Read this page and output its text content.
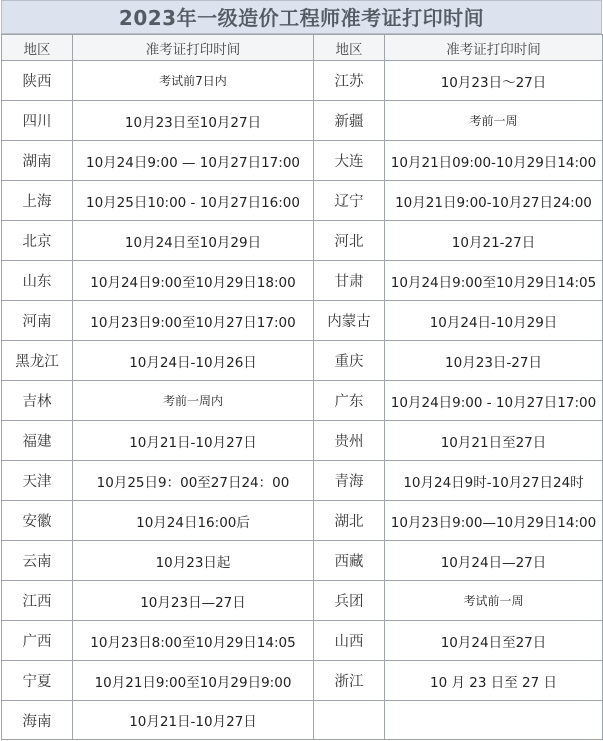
2023年一级造价工程师准考证打印时间
地区	准考证打印时间	地区	准考证打印时间
陕西	考试前7日内	江苏	10月23日～27日
四川	10月23日至10月27日	新疆	考前一周
湖南	10月24日9:00 — 10月27日17:00	大连	10月21日09:00-10月29日14:00
上海	10月25日10:00 - 10月27日16:00	辽宁	10月21日9:00-10月27日24:00
北京	10月24日至10月29日	河北	10月21-27日
山东	10月24日9:00至10月29日18:00	甘肃	10月24日9:00至10月29日14:05
河南	10月23日9:00至10月27日17:00	内蒙古	10月24日-10月29日
黑龙江	10月24日-10月26日	重庆	10月23日-27日
吉林	考前一周内	广东	10月24日9:00 - 10月27日17:00
福建	10月21日-10月27日	贵州	10月21日至27日
天津	10月25日9：00至27日24：00	青海	10月24日9时-10月27日24时
安徽	10月24日16:00后	湖北	10月23日9:00—10月29日14:00
云南	10月23日起	西藏	10月24日—27日
江西	10月23日—27日	兵团	考试前一周
广西	10月23日8:00至10月29日14:05	山西	10月24日至27日
宁夏	10月21日9:00至10月29日9:00	浙江	10 月 23 日至 27 日
海南	10月21日-10月27日		
